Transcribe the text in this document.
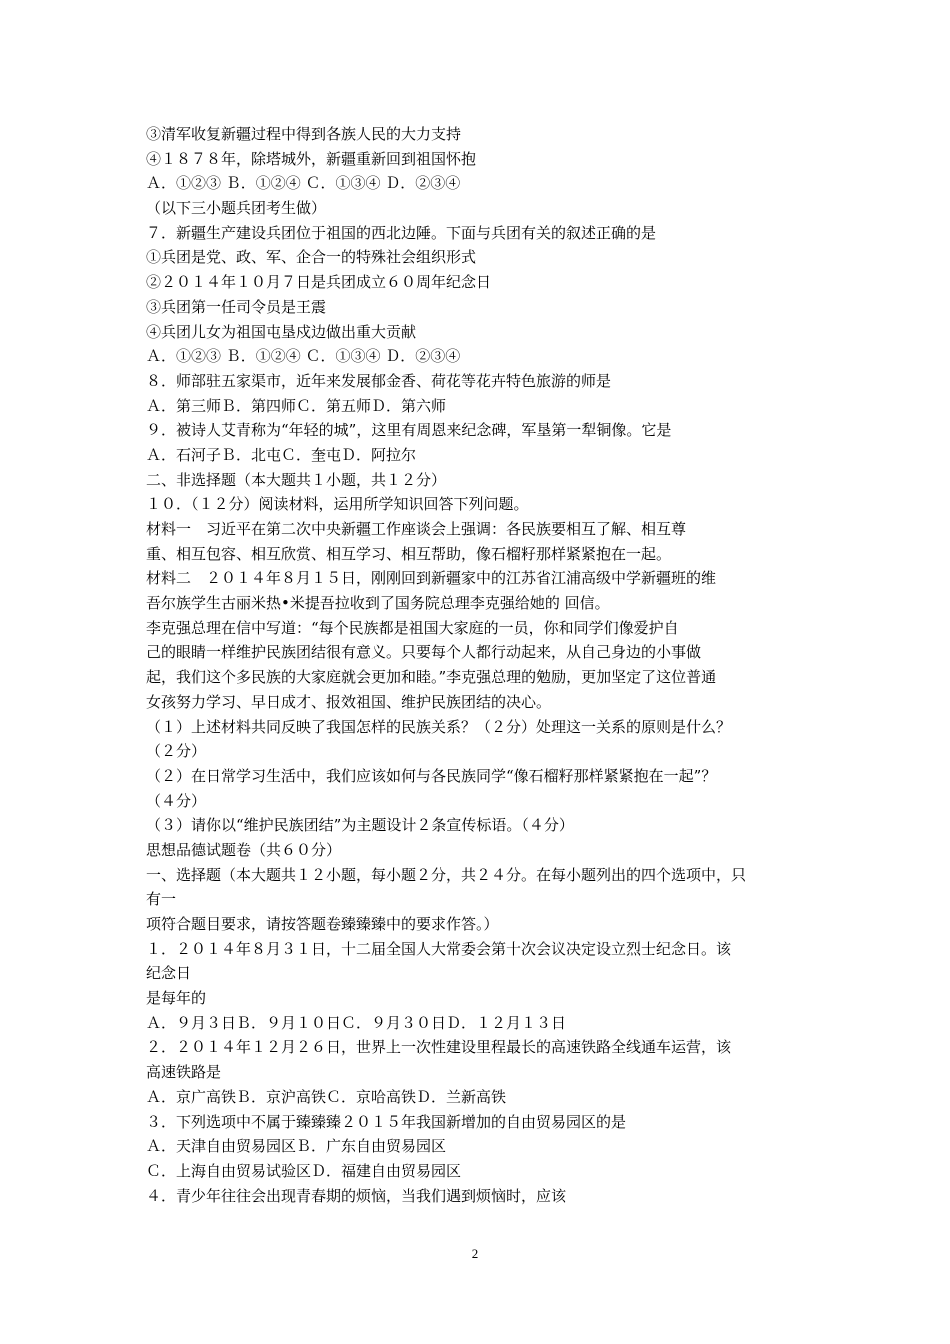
③清军收复新疆过程中得到各族人民的大力支持
④１８７８年，除塔城外，新疆重新回到祖国怀抱
Ａ．①②③ Ｂ．①②④ Ｃ．①③④ Ｄ．②③④
（以下三小题兵团考生做）
７．新疆生产建设兵团位于祖国的西北边陲。下面与兵团有关的叙述正确的是
①兵团是党、政、军、企合一的特殊社会组织形式
②２０１４年１０月７日是兵团成立６０周年纪念日
③兵团第一任司令员是王震
④兵团儿女为祖国屯垦戍边做出重大贡献
Ａ．①②③ Ｂ．①②④ Ｃ．①③④ Ｄ．②③④
８．师部驻五家渠市，近年来发展郁金香、荷花等花卉特色旅游的师是
Ａ．第三师Ｂ．第四师Ｃ．第五师Ｄ．第六师
９．被诗人艾青称为“年轻的城”，这里有周恩来纪念碑，军垦第一犁铜像。它是
Ａ．石河子Ｂ．北屯Ｃ．奎屯Ｄ．阿拉尔
二、非选择题（本大题共１小题，共１２分）
１０．（１２分）阅读材料，运用所学知识回答下列问题。
材料一　习近平在第二次中央新疆工作座谈会上强调：各民族要相互了解、相互尊
重、相互包容、相互欣赏、相互学习、相互帮助，像石榴籽那样紧紧抱在一起。
材料二　２０１４年８月１５日，刚刚回到新疆家中的江苏省江浦高级中学新疆班的维
吾尔族学生古丽米热•米提吾拉收到了国务院总理李克强给她的 回信。
李克强总理在信中写道：“每个民族都是祖国大家庭的一员，你和同学们像爱护自
己的眼睛一样维护民族团结很有意义。只要每个人都行动起来，从自己身边的小事做
起，我们这个多民族的大家庭就会更加和睦。”李克强总理的勉励，更加坚定了这位普通
女孩努力学习、早日成才、报效祖国、维护民族团结的决心。
（１）上述材料共同反映了我国怎样的民族关系？（２分）处理这一关系的原则是什么？
（２分）
（２）在日常学习生活中，我们应该如何与各民族同学“像石榴籽那样紧紧抱在一起”？
（４分）
（３）请你以“维护民族团结”为主题设计２条宣传标语。（４分）
思想品德试题卷（共６０分）
一、选择题（本大题共１２小题，每小题２分，共２４分。在每小题列出的四个选项中，只
有一
项符合题目要求，请按答题卷臻臻臻中的要求作答。）
１．２０１４年８月３１日，十二届全国人大常委会第十次会议决定设立烈士纪念日。该
纪念日
是每年的
Ａ．９月３日Ｂ．９月１０日Ｃ．９月３０日Ｄ．１２月１３日
２．２０１４年１２月２６日，世界上一次性建设里程最长的高速铁路全线通车运营，该
高速铁路是
Ａ．京广高铁Ｂ．京沪高铁Ｃ．京哈高铁Ｄ．兰新高铁
３．下列选项中不属于臻臻臻２０１５年我国新增加的自由贸易园区的是
Ａ．天津自由贸易园区Ｂ．广东自由贸易园区
Ｃ．上海自由贸易试验区Ｄ．福建自由贸易园区
４．青少年往往会出现青春期的烦恼，当我们遇到烦恼时，应该
2
